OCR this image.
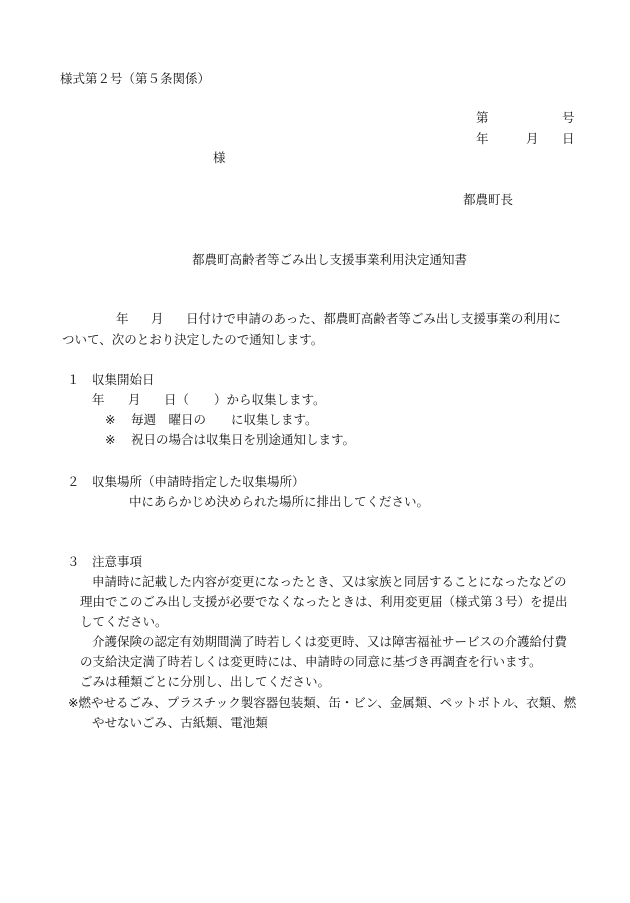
様式第２号（第５条関係）
第	号
年	月 日
様
都農町長
都農町高齢者等ごみ出し支援事業利用決定通知書
年 月 日付けで申請のあった、都農町高齢者等ごみ出し支援事業の利用に
ついて、次のとおり決定したので通知します。
１ 収集開始日
年 月 日（　　）から収集します。
※ 毎週　曜日の　　に収集します。
※ 祝日の場合は収集日を別途通知します。
２ 収集場所（申請時指定した収集場所）
中にあらかじめ決められた場所に排出してください。
３ 注意事項
申請時に記載した内容が変更になったとき、又は家族と同居することになったなどの
理由でこのごみ出し支援が必要でなくなったときは、利用変更届（様式第３号）を提出
してください。
介護保険の認定有効期間満了時若しくは変更時、又は障害福祉サービスの介護給付費
の支給決定満了時若しくは変更時には、申請時の同意に基づき再調査を行います。
ごみは種類ごとに分別し、出してください。
※燃やせるごみ、プラスチック製容器包装類、缶・ビン、金属類、ペットボトル、衣類、燃
やせないごみ、古紙類、電池類
